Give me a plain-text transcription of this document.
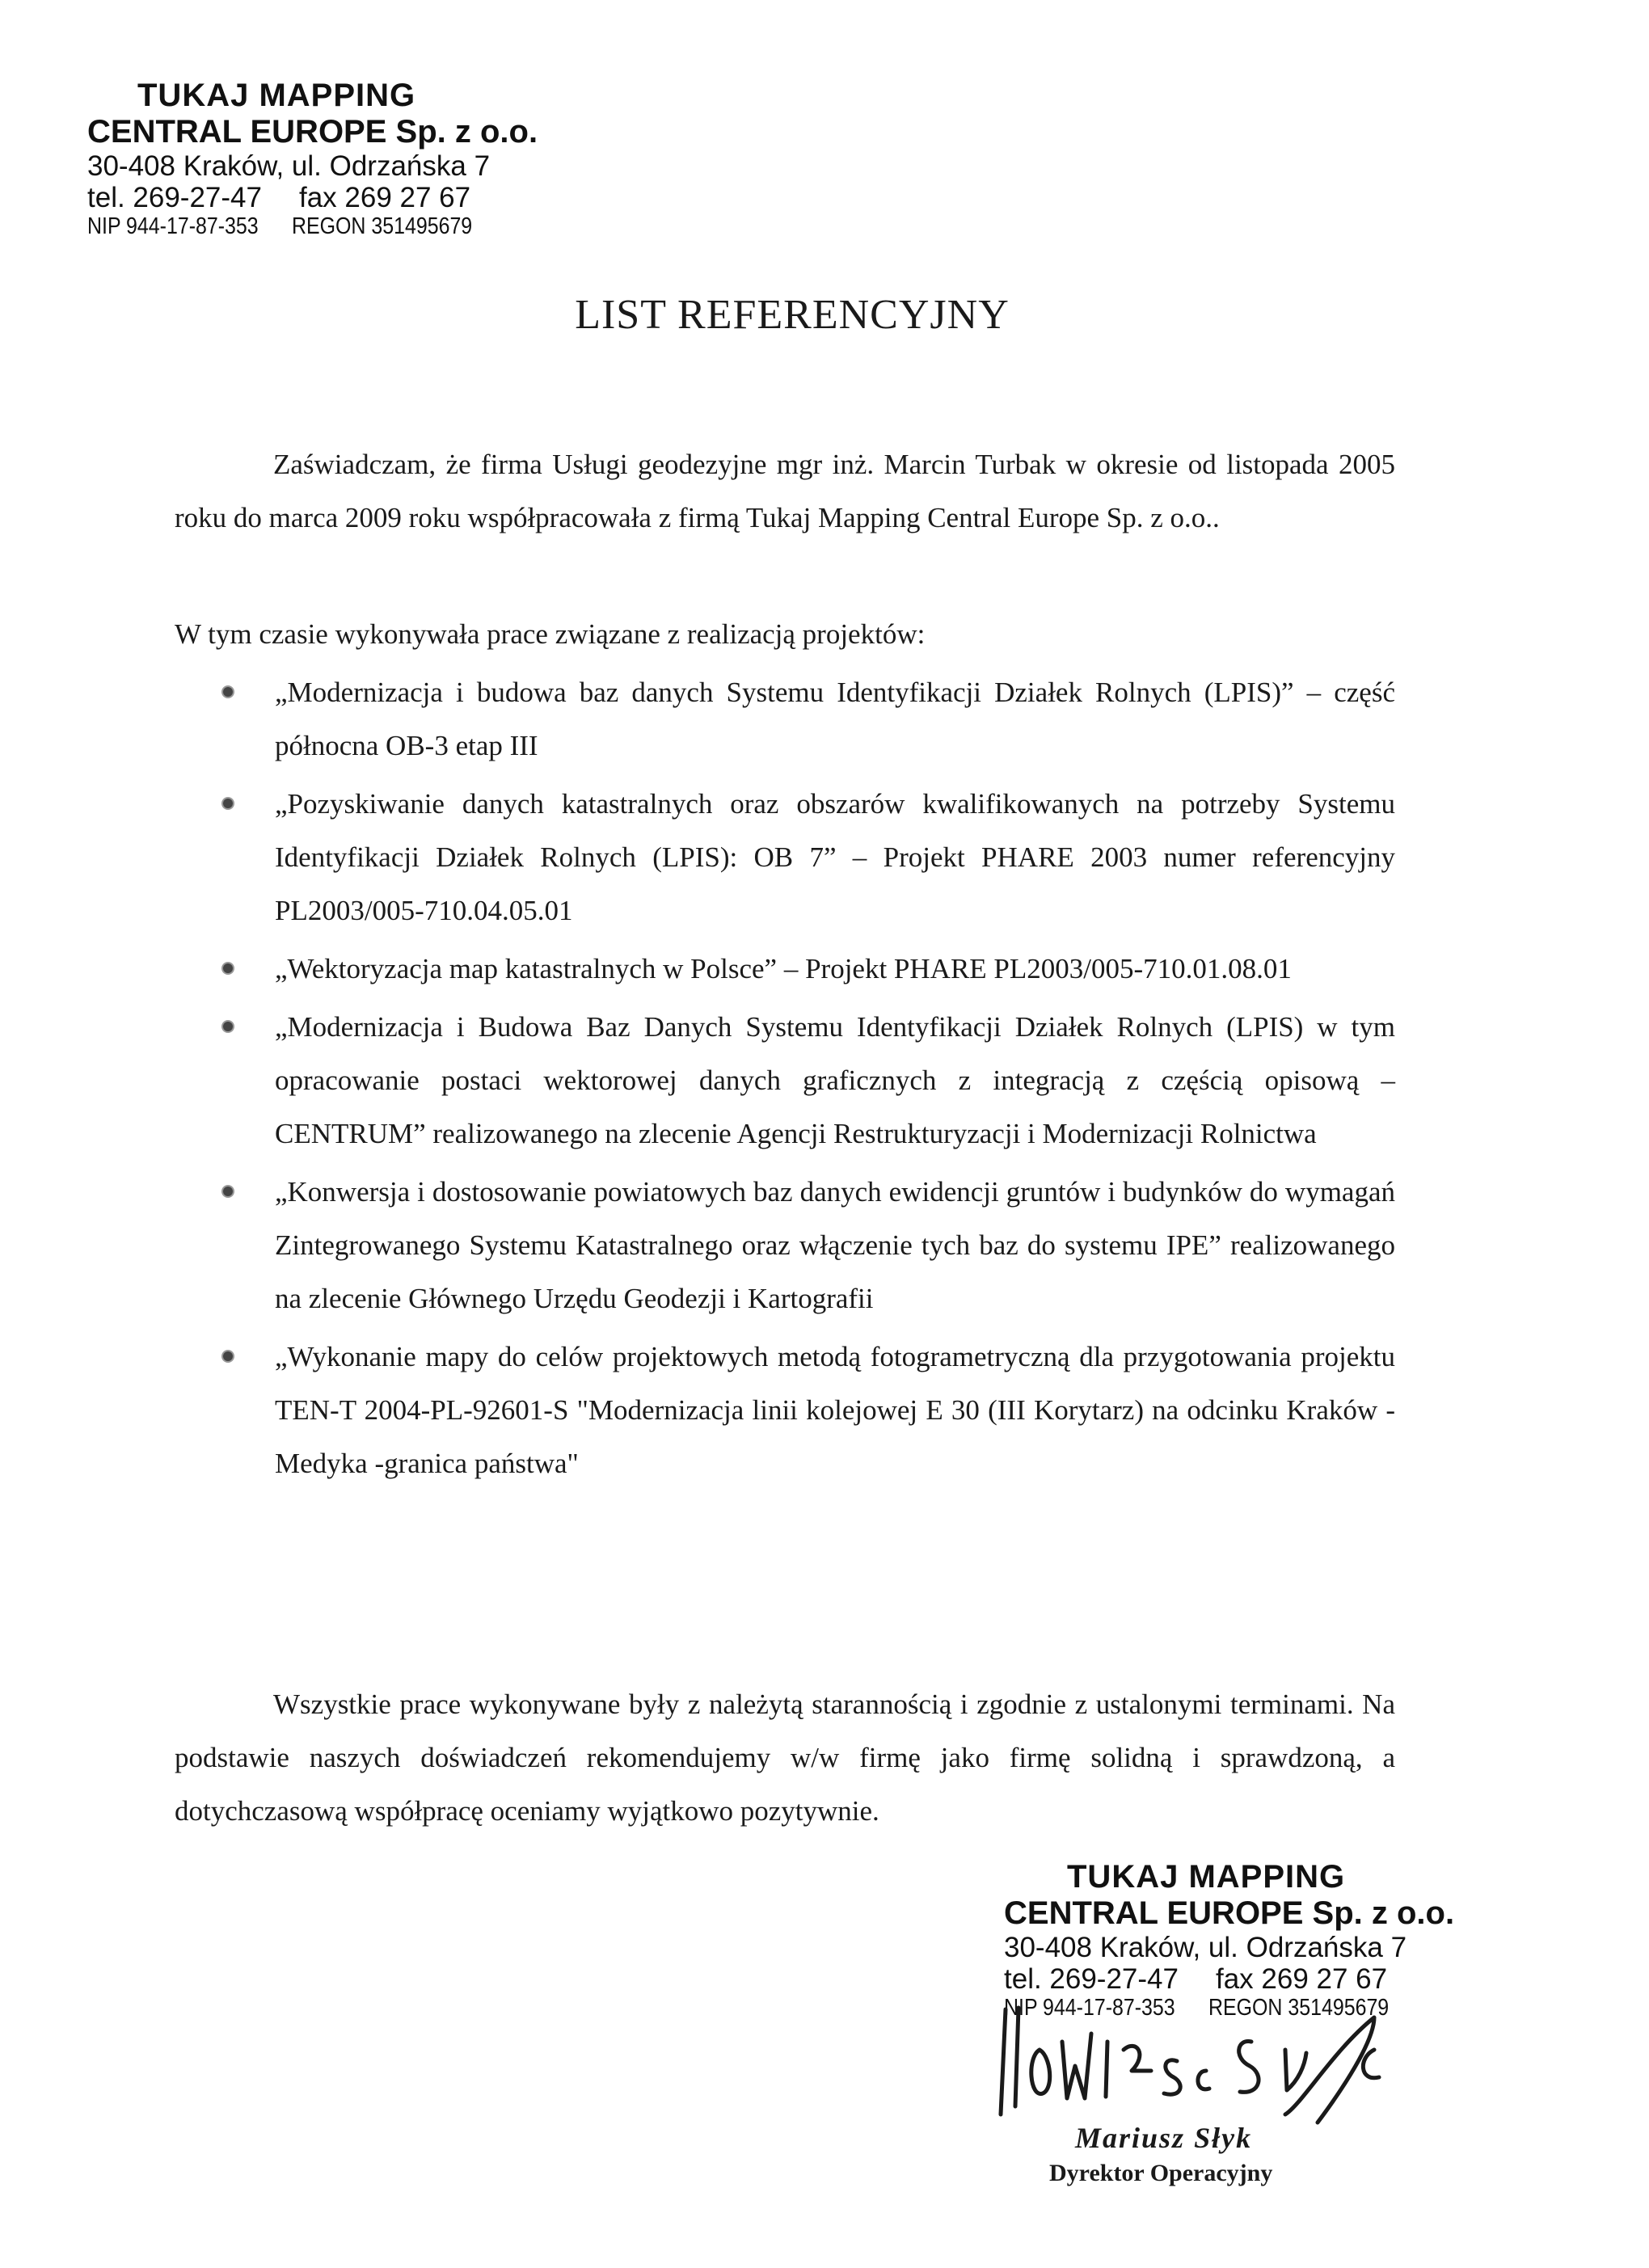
TUKAJ MAPPING
CENTRAL EUROPE Sp. z o.o.
30-408 Kraków, ul. Odrzańska 7
tel. 269-27-47 fax 269 27 67
NIP 944-17-87-353 REGON 351495679
LIST REFERENCYJNY
Zaświadczam, że firma Usługi geodezyjne mgr inż. Marcin Turbak w okresie od listopada 2005 roku do marca 2009 roku współpracowała z firmą Tukaj Mapping Central Europe Sp. z o.o..
W tym czasie wykonywała prace związane z realizacją projektów:
„Modernizacja i budowa baz danych Systemu Identyfikacji Działek Rolnych (LPIS)” – część północna OB-3 etap III
„Pozyskiwanie danych katastralnych oraz obszarów kwalifikowanych na potrzeby Systemu Identyfikacji Działek Rolnych (LPIS): OB 7” – Projekt PHARE 2003 numer referencyjny PL2003/005-710.04.05.01
„Wektoryzacja map katastralnych w Polsce” – Projekt PHARE PL2003/005-710.01.08.01
„Modernizacja i Budowa Baz Danych Systemu Identyfikacji Działek Rolnych (LPIS) w tym opracowanie postaci wektorowej danych graficznych z integracją z częścią opisową – CENTRUM” realizowanego na zlecenie Agencji Restrukturyzacji i Modernizacji Rolnictwa
„Konwersja i dostosowanie powiatowych baz danych ewidencji gruntów i budynków do wymagań Zintegrowanego Systemu Katastralnego oraz włączenie tych baz do systemu IPE” realizowanego na zlecenie Głównego Urzędu Geodezji i Kartografii
„Wykonanie mapy do celów projektowych metodą fotogrametryczną dla przygotowania projektu TEN-T 2004-PL-92601-S "Modernizacja linii kolejowej E 30 (III Korytarz) na odcinku Kraków -Medyka -granica państwa"
Wszystkie prace wykonywane były z należytą starannością i zgodnie z ustalonymi terminami. Na podstawie naszych doświadczeń rekomendujemy w/w firmę jako firmę solidną i sprawdzoną, a dotychczasową współpracę oceniamy wyjątkowo pozytywnie.
TUKAJ MAPPING
CENTRAL EUROPE Sp. z o.o.
30-408 Kraków, ul. Odrzańska 7
tel. 269-27-47 fax 269 27 67
NIP 944-17-87-353 REGON 351495679
Mariusz Słyk
Dyrektor Operacyjny
